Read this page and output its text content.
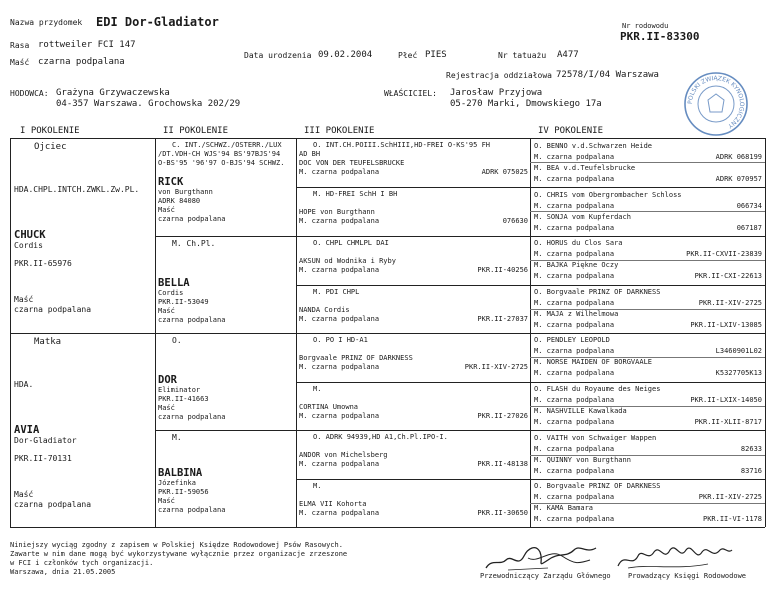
Nazwa przydomek EDI Dor-Gladiator
Rasa rottweiler FCI 147
Maść czarna podpalana
Data urodzenia 09.02.2004	Płeć PIES	Nr tatuażu A477
Nr rodowodu
PKR.II-83300
Rejestracja oddziałowa 72578/I/04 Warszawa
HODOWCA: Grażyna Grzywaczewska
04-357 Warszawa. Grochowska 202/29
WŁAŚCICIEL: Jarosław Przyjowa
05-270 Marki, Dmowskiego 17a	POLSKI ZWIĄZEK KYNOLOGICZNY
I POKOLENIE	II POKOLENIE	III POKOLENIE	IV POKOLENIE
Ojciec
HDA.CHPL.INTCH.ZWKL.Zw.PL.
CHUCK
Cordis
PKR.II-65976
Maść
czarna podpalana
Matka
HDA.
AVIA
Dor-Gladiator
PKR.II-70131
Maść
czarna podpalana
C. INT./SCHWZ./OSTERR./LUX
/DT.VDH-CH WJS'94 BS'97BJS'94
O-BS'95 '96'97 O-BJS'94 SCHWZ.
RICK
von Burgthann
ADRK 84080
Maść
czarna podpalana
M. Ch.Pl.
BELLA
Cordis
PKR.II-53049
Maść
czarna podpalana
O.
DOR
Eliminator
PKR.II-41663
Maść
czarna podpalana
M.
BALBINA
Józefinka
PKR.II-59056
Maść
czarna podpalana
O. INT.CH.POIII.SchHIII,HD-FREI O-KS'95 FH
AD BH
DOC VON DER TEUFELSBRUCKE
M. czarna podpalana	ADRK 075025
M. HD-FREI SchH I BH
HOPE von Burgthann
M. czarna podpalana	076630
O. CHPL CHMLPL DAI
AKSUN od Wodnika i Ryby
M. czarna podpalana	PKR.II-40256
M. PDI CHPL
NANDA Cordis
M. czarna podpalana	PKR.II-27037
O. PO I HD-A1
Borgvaale PRINZ OF DARKNESS
M. czarna podpalana	PKR.II-XIV-2725
M.
CORTINA Umowna
M. czarna podpalana	PKR.II-27026
O. ADRK 94939,HD A1,Ch.Pl.IPO-I.
ANDOR von Michelsberg
M. czarna podpalana	PKR.II-48138
M.
ELMA VII Kohorta
M. czarna podpalana	PKR.II-30650
O. BENNO v.d.Schwarzen Heide
M. czarna podpalana	ADRK 068199
M. BEA v.d.Teufelsbrucke
M. czarna podpalana	ADRK 070957
O. CHRIS vom Obergrombacher Schloss
M. czarna podpalana	066734
M. SONJA vom Kupferdach
M. czarna podpalana	067187
O. HORUS du Clos Sara
M. czarna podpalana	PKR.II-CXVII-23839
M. BAJKA Piękne Oczy
M. czarna podpalana	PKR.II-CXI-22613
O. Borgvaale PRINZ OF DARKNESS
M. czarna podpalana	PKR.II-XIV-2725
M. MAJA z Wilhelmowa
M. czarna podpalana	PKR.II-LXIV-13085
O. PENDLEY LEOPOLD
M. czarna podpalana	L3460901L02
M. NORSE MAIDEN OF BORGVAALE
M. czarna podpalana	K5327705K13
O. FLASH du Royaume des Neiges
M. czarna podpalana	PKR.II-LXIX-14050
M. NASHVILLE Kawalkada
M. czarna podpalana	PKR.II-XLII-8717
O. VAITH von Schwaiger Wappen
M. czarna podpalana	82633
M. QUINNY von Burgthann
M. czarna podpalana	83716
O. Borgvaale PRINZ OF DARKNESS
M. czarna podpalana	PKR.II-XIV-2725
M. KAMA Bamara
M. czarna podpalana	PKR.II-VI-1178
Niniejszy wyciąg zgodny z zapisem w Polskiej Księdze Rodowodowej Psów Rasowych.
Zawarte w nim dane mogą być wykorzystywane wyłącznie przez organizacje zrzeszone
w FCI i członków tych organizacji.
Warszawa, dnia 21.05.2005	Przewodniczący Zarządu Głównego Prowadzący Księgi Rodowodowe
